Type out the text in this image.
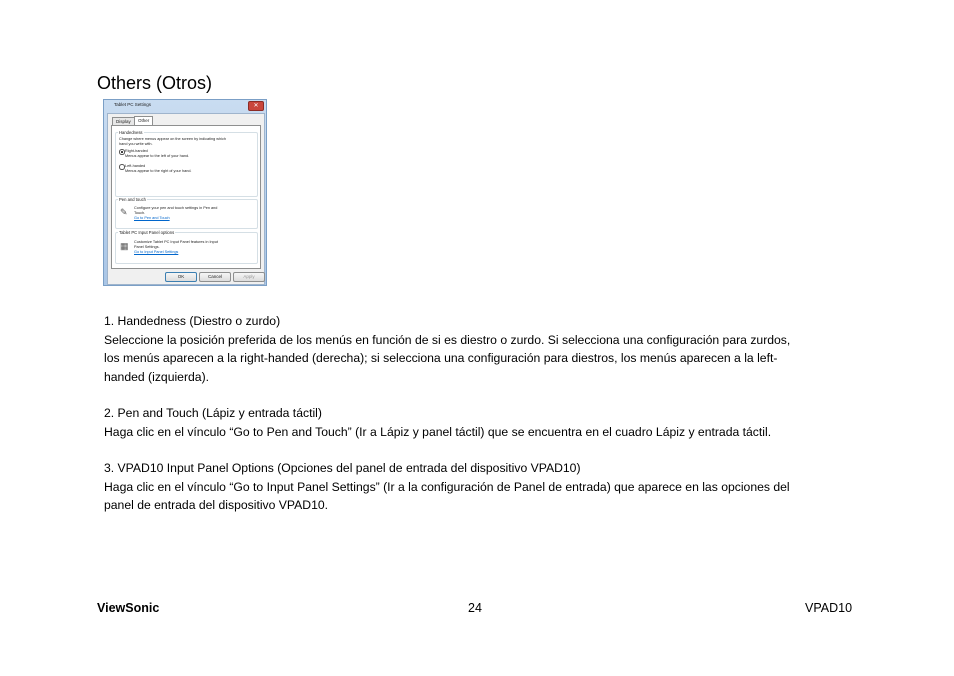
Others (Otros)
Tablet PC Settings	✕
Display	Other
Handedness
Change where menus appear on the screen by indicating which
hand you write with.
Right-handed
Menus appear to the left of your hand.
Left-handed
Menus appear to the right of your hand.
Pen and touch
✎ Configure your pen and touch settings in Pen and
Touch.
Go to Pen and Touch
Tablet PC Input Panel options
▦ Customize Tablet PC Input Panel features in Input
Panel Settings.
Go to Input Panel Settings
OK	Cancel	Apply
1. Handedness (Diestro o zurdo)
Seleccione la posición preferida de los menús en función de si es diestro o zurdo. Si selecciona una configuración para zurdos,
los menús aparecen a la right-handed (derecha); si selecciona una configuración para diestros, los menús aparecen a la left-
handed (izquierda).
2. Pen and Touch (Lápiz y entrada táctil)
Haga clic en el vínculo “Go to Pen and Touch” (Ir a Lápiz y panel táctil) que se encuentra en el cuadro Lápiz y entrada táctil.
3. VPAD10 Input Panel Options (Opciones del panel de entrada del dispositivo VPAD10)
Haga clic en el vínculo “Go to Input Panel Settings” (Ir a la configuración de Panel de entrada) que aparece en las opciones del
panel de entrada del dispositivo VPAD10.
ViewSonic	24	VPAD10
